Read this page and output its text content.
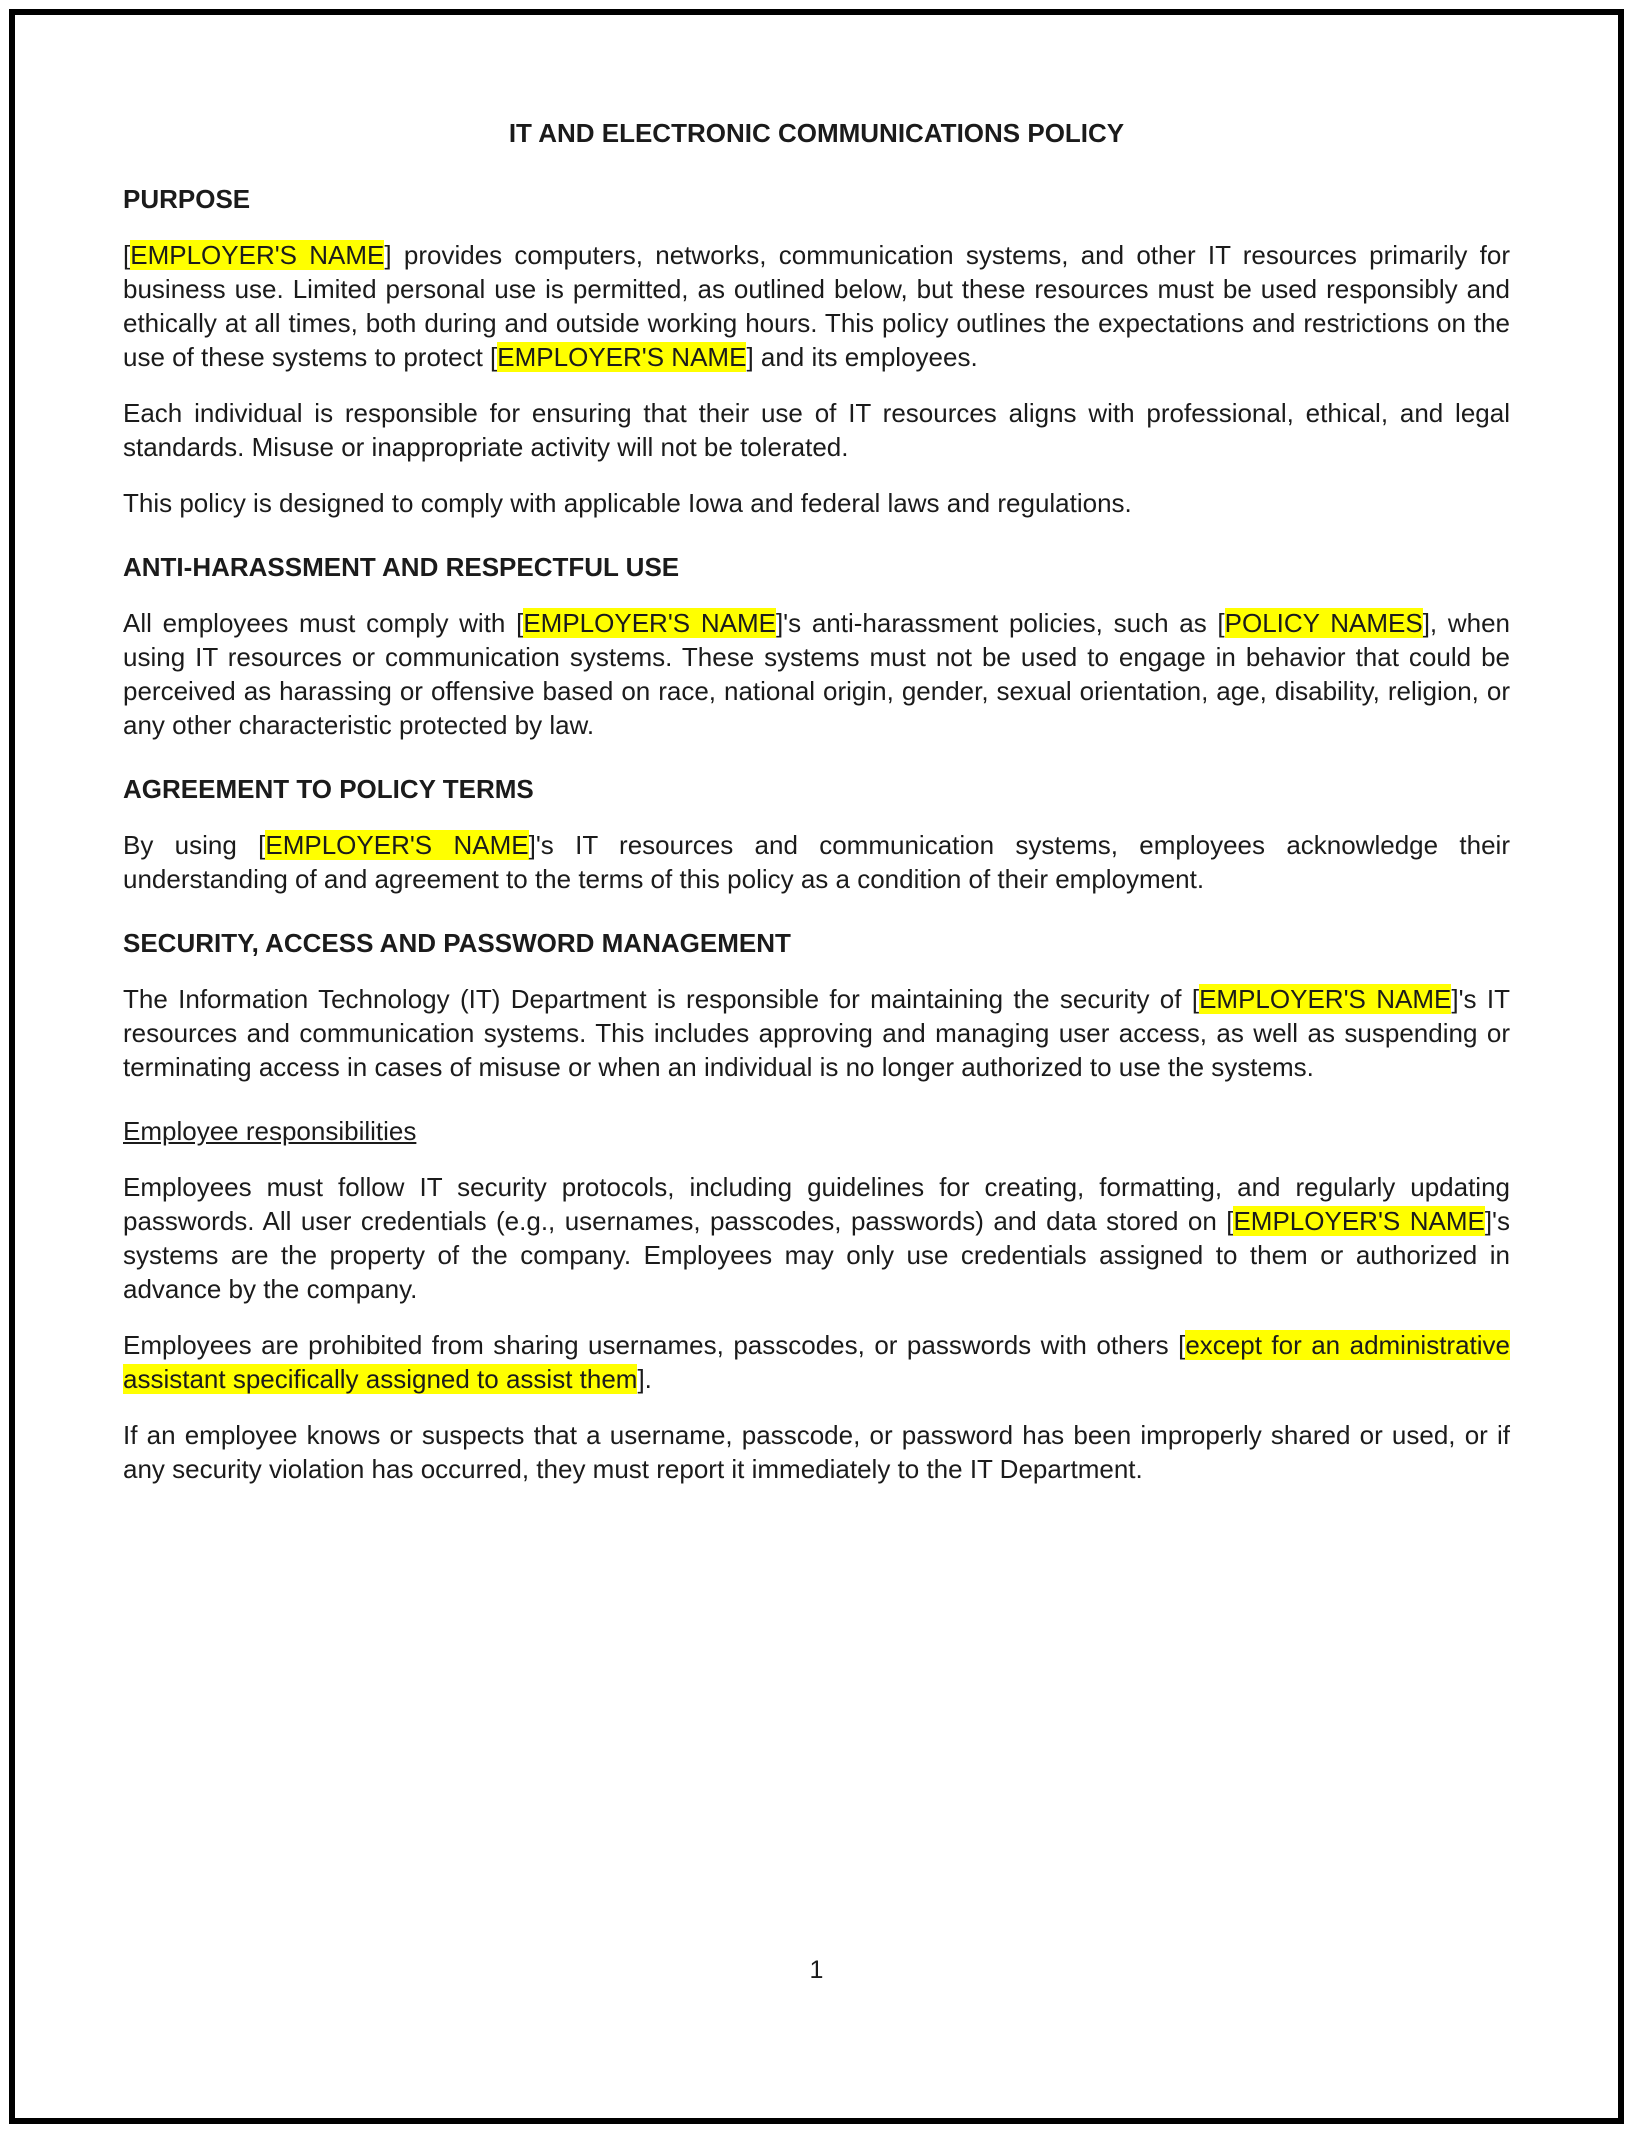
IT AND ELECTRONIC COMMUNICATIONS POLICY
PURPOSE

[EMPLOYER'S NAME] provides computers, networks, communication systems, and other IT resources primarily for business use. Limited personal use is permitted, as outlined below, but these resources must be used responsibly and ethically at all times, both during and outside working hours. This policy outlines the expectations and restrictions on the use of these systems to protect [EMPLOYER'S NAME] and its employees.

Each individual is responsible for ensuring that their use of IT resources aligns with professional, ethical, and legal standards. Misuse or inappropriate activity will not be tolerated.

This policy is designed to comply with applicable Iowa and federal laws and regulations.

ANTI-HARASSMENT AND RESPECTFUL USE

All employees must comply with [EMPLOYER'S NAME]'s anti-harassment policies, such as [POLICY NAMES], when using IT resources or communication systems. These systems must not be used to engage in behavior that could be perceived as harassing or offensive based on race, national origin, gender, sexual orientation, age, disability, religion, or any other characteristic protected by law.

AGREEMENT TO POLICY TERMS

By using [EMPLOYER'S NAME]'s IT resources and communication systems, employees acknowledge their understanding of and agreement to the terms of this policy as a condition of their employment.

SECURITY, ACCESS AND PASSWORD MANAGEMENT

The Information Technology (IT) Department is responsible for maintaining the security of [EMPLOYER'S NAME]'s IT resources and communication systems. This includes approving and managing user access, as well as suspending or terminating access in cases of misuse or when an individual is no longer authorized to use the systems.

Employee responsibilities

Employees must follow IT security protocols, including guidelines for creating, formatting, and regularly updating passwords. All user credentials (e.g., usernames, passcodes, passwords) and data stored on [EMPLOYER'S NAME]'s systems are the property of the company. Employees may only use credentials assigned to them or authorized in advance by the company.

Employees are prohibited from sharing usernames, passcodes, or passwords with others [except for an administrative assistant specifically assigned to assist them].

If an employee knows or suspects that a username, passcode, or password has been improperly shared or used, or if any security violation has occurred, they must report it immediately to the IT Department.

1
